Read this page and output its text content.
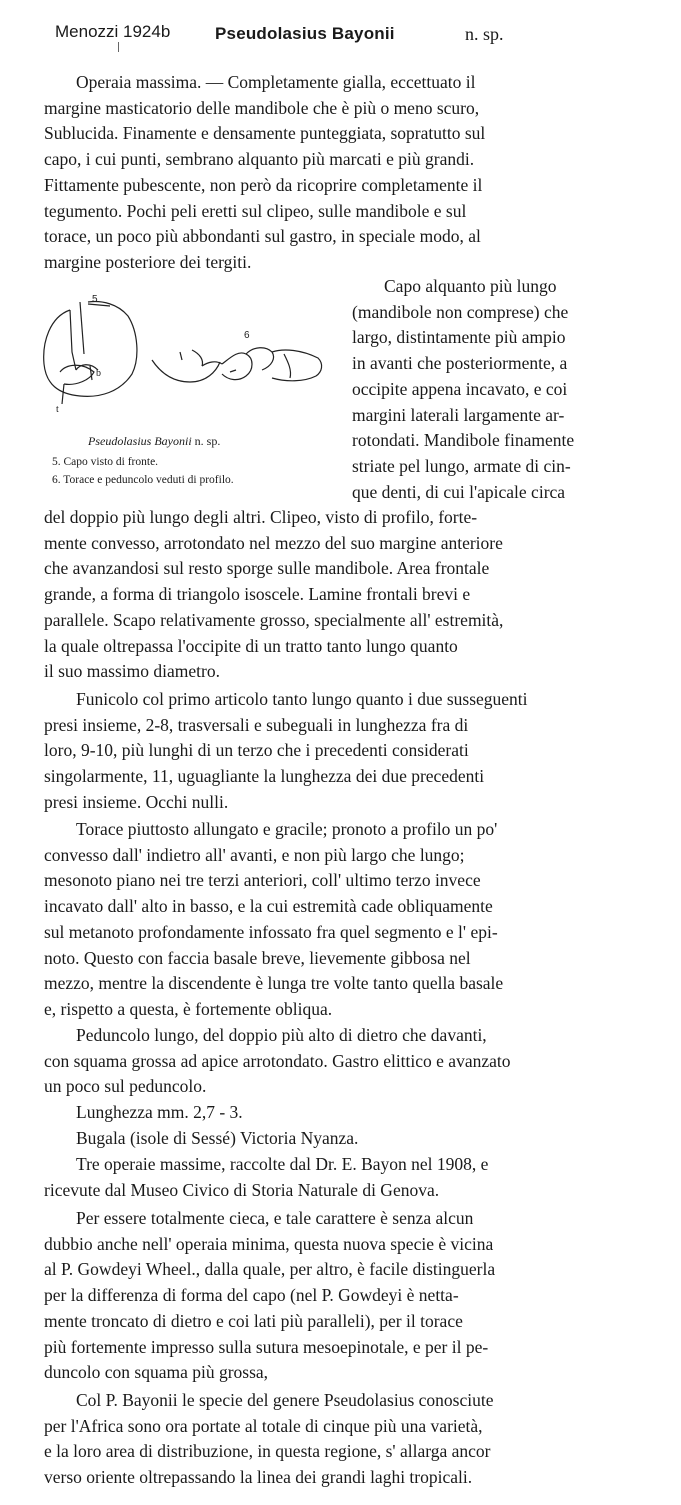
Menozzi 1924b	Pseudolasius Bayonii	n. sp.
Operaia massima. — Completamente gialla, eccettuato il
margine masticatorio delle mandibole che è più o meno scuro,
Sublucida. Finamente e densamente punteggiata, sopratutto sul
capo, i cui punti, sembrano alquanto più marcati e più grandi.
Fittamente pubescente, non però da ricoprire completamente il
tegumento. Pochi peli eretti sul clipeo, sulle mandibole e sul
torace, un poco più abbondanti sul gastro, in speciale modo, al
margine posteriore dei tergiti.
Capo alquanto più lungo
(mandibole non comprese) che
largo, distintamente più ampio
in avanti che posteriormente, a
occipite appena incavato, e coi
margini laterali largamente ar-
rotondati. Mandibole finamente
striate pel lungo, armate di cin-
que denti, di cui l'apicale circa
5
b
t
6
Pseudolasius Bayonii n. sp.
5. Capo visto di fronte.
6. Torace e peduncolo veduti di profilo.
del doppio più lungo degli altri. Clipeo, visto di profilo, forte-
mente convesso, arrotondato nel mezzo del suo margine anteriore
che avanzandosi sul resto sporge sulle mandibole. Area frontale
grande, a forma di triangolo isoscele. Lamine frontali brevi e
parallele. Scapo relativamente grosso, specialmente all' estremità,
la quale oltrepassa l'occipite di un tratto tanto lungo quanto
il suo massimo diametro.
Funicolo col primo articolo tanto lungo quanto i due susseguenti
presi insieme, 2-8, trasversali e subeguali in lunghezza fra di
loro, 9-10, più lunghi di un terzo che i precedenti considerati
singolarmente, 11, uguagliante la lunghezza dei due precedenti
presi insieme. Occhi nulli.
Torace piuttosto allungato e gracile; pronoto a profilo un po'
convesso dall' indietro all' avanti, e non più largo che lungo;
mesonoto piano nei tre terzi anteriori, coll' ultimo terzo invece
incavato dall' alto in basso, e la cui estremità cade obliquamente
sul metanoto profondamente infossato fra quel segmento e l' epi-
noto. Questo con faccia basale breve, lievemente gibbosa nel
mezzo, mentre la discendente è lunga tre volte tanto quella basale
e, rispetto a questa, è fortemente obliqua.
Peduncolo lungo, del doppio più alto di dietro che davanti,
con squama grossa ad apice arrotondato. Gastro elittico e avanzato
un poco sul peduncolo.
Lunghezza mm. 2,7 - 3.
Bugala (isole di Sessé) Victoria Nyanza.
Tre operaie massime, raccolte dal Dr. E. Bayon nel 1908, e
ricevute dal Museo Civico di Storia Naturale di Genova.
Per essere totalmente cieca, e tale carattere è senza alcun
dubbio anche nell' operaia minima, questa nuova specie è vicina
al P. Gowdeyi Wheel., dalla quale, per altro, è facile distinguerla
per la differenza di forma del capo (nel P. Gowdeyi è netta-
mente troncato di dietro e coi lati più paralleli), per il torace
più fortemente impresso sulla sutura mesoepinotale, e per il pe-
duncolo con squama più grossa,
Col P. Bayonii le specie del genere Pseudolasius conosciute
per l'Africa sono ora portate al totale di cinque più una varietà,
e la loro area di distribuzione, in questa regione, s' allarga ancor
verso oriente oltrepassando la linea dei grandi laghi tropicali.
